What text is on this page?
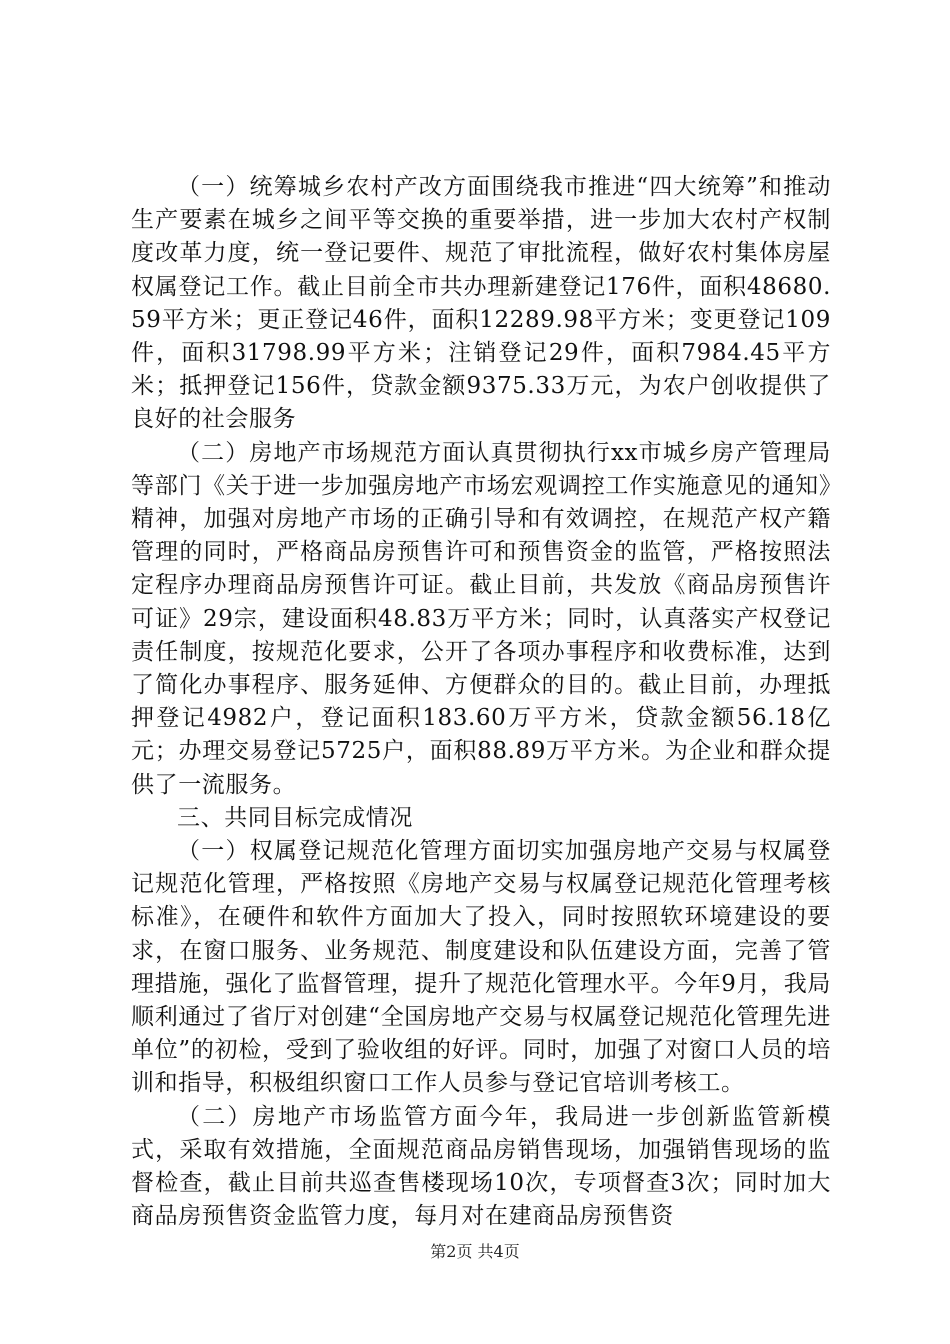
（一）统筹城乡农村产改方面围绕我市推进“四大统筹”和推动生产要素在城乡之间平等交换的重要举措，进一步加大农村产权制度改革力度，统一登记要件、规范了审批流程，做好农村集体房屋权属登记工作。截止目前全市共办理新建登记176件，面积48680.59平方米；更正登记46件，面积12289.98平方米；变更登记109件，面积31798.99平方米；注销登记29件，面积7984.45平方米；抵押登记156件，贷款金额9375.33万元，为农户创收提供了良好的社会服务

（二）房地产市场规范方面认真贯彻执行xx市城乡房产管理局等部门《关于进一步加强房地产市场宏观调控工作实施意见的通知》精神，加强对房地产市场的正确引导和有效调控，在规范产权产籍管理的同时，严格商品房预售许可和预售资金的监管，严格按照法定程序办理商品房预售许可证。截止目前，共发放《商品房预售许可证》29宗，建设面积48.83万平方米；同时，认真落实产权登记责任制度，按规范化要求，公开了各项办事程序和收费标准，达到了简化办事程序、服务延伸、方便群众的目的。截止目前，办理抵押登记4982户，登记面积183.60万平方米，贷款金额56.18亿元；办理交易登记5725户，面积88.89万平方米。为企业和群众提供了一流服务。

三、共同目标完成情况

（一）权属登记规范化管理方面切实加强房地产交易与权属登记规范化管理，严格按照《房地产交易与权属登记规范化管理考核标准》，在硬件和软件方面加大了投入，同时按照软环境建设的要求，在窗口服务、业务规范、制度建设和队伍建设方面，完善了管理措施，强化了监督管理，提升了规范化管理水平。今年9月，我局顺利通过了省厅对创建“全国房地产交易与权属登记规范化管理先进单位”的初检，受到了验收组的好评。同时，加强了对窗口人员的培训和指导，积极组织窗口工作人员参与登记官培训考核工。

（二）房地产市场监管方面今年，我局进一步创新监管新模式，采取有效措施，全面规范商品房销售现场，加强销售现场的监督检查，截止目前共巡查售楼现场10次，专项督查3次；同时加大商品房预售资金监管力度，每月对在建商品房预售资

第2页 共4页
